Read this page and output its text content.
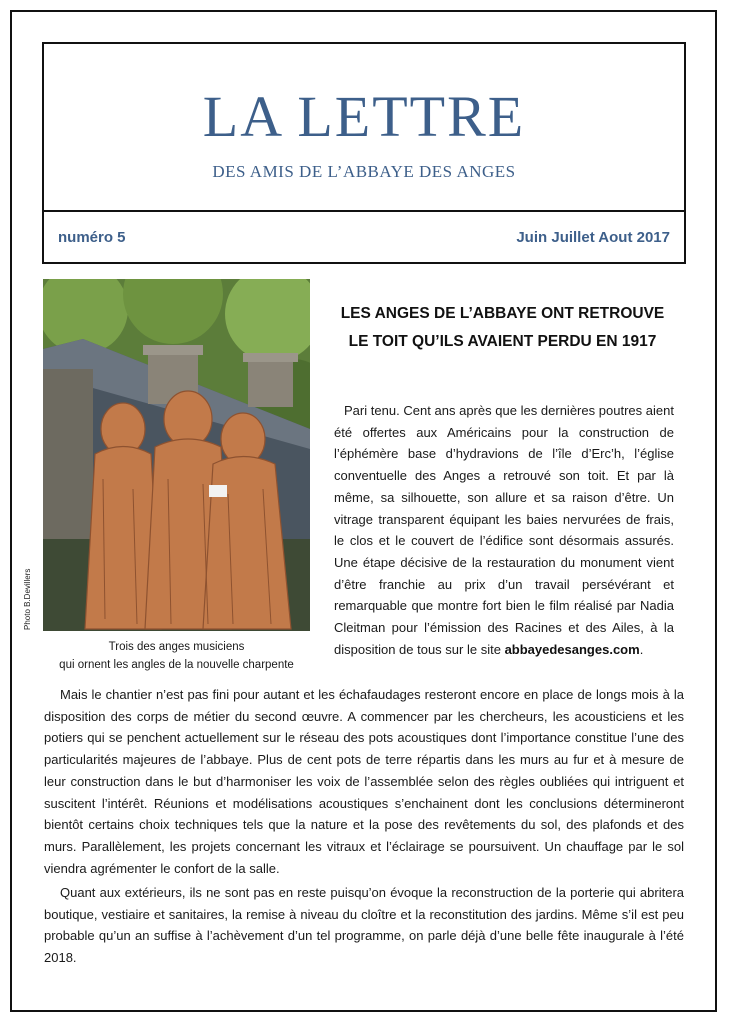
LA LETTRE
DES AMIS DE L’ABBAYE DES ANGES
numéro 5	Juin Juillet Aout 2017
Photo B.Devillers
Trois des anges musiciens
qui ornent les angles de la nouvelle charpente
LES ANGES DE L’ABBAYE ONT RETROUVE
LE TOIT QU’ILS AVAIENT PERDU EN 1917
Pari tenu. Cent ans après que les dernières poutres aient été offertes aux Américains pour la construction de l’éphémère base d’hydravions de l’île d’Erc’h, l’église conventuelle des Anges a retrouvé son toit. Et par là même, sa silhouette, son allure et sa raison d’être. Un vitrage transparent équipant les baies nervurées de frais, le clos et le couvert de l’édifice sont désormais assurés. Une étape décisive de la restauration du monument vient d’être franchie au prix d’un travail persévérant et remarquable que montre fort bien le film réalisé par Nadia Cleitman pour l’émission des Racines et des Ailes, à la disposition de tous sur le site abbayedesanges.com.

Mais le chantier n’est pas fini pour autant et les échafaudages resteront encore en place de longs mois à la disposition des corps de métier du second œuvre. A commencer par les chercheurs, les acousticiens et les potiers qui se penchent actuellement sur le réseau des pots acoustiques dont l’importance constitue l’une des particularités majeures de l’abbaye. Plus de cent pots de terre répartis dans les murs au fur et à mesure de leur construction dans le but d’harmoniser les voix de l’assemblée selon des règles oubliées qui intriguent et suscitent l’intérêt. Réunions et modélisations acoustiques s’enchainent dont les conclusions détermineront bientôt certains choix techniques tels que la nature et la pose des revêtements du sol, des plafonds et des murs. Parallèlement, les projets concernant les vitraux et l’éclairage se poursuivent. Un chauffage par le sol viendra agrémenter le confort de la salle.

Quant aux extérieurs, ils ne sont pas en reste puisqu’on évoque la reconstruction de la porterie qui abritera boutique, vestiaire et sanitaires, la remise à niveau du cloître et la reconstitution des jardins. Même s’il est peu probable qu’un an suffise à l’achèvement d’un tel programme, on parle déjà d’une belle fête inaugurale à l’été 2018.
